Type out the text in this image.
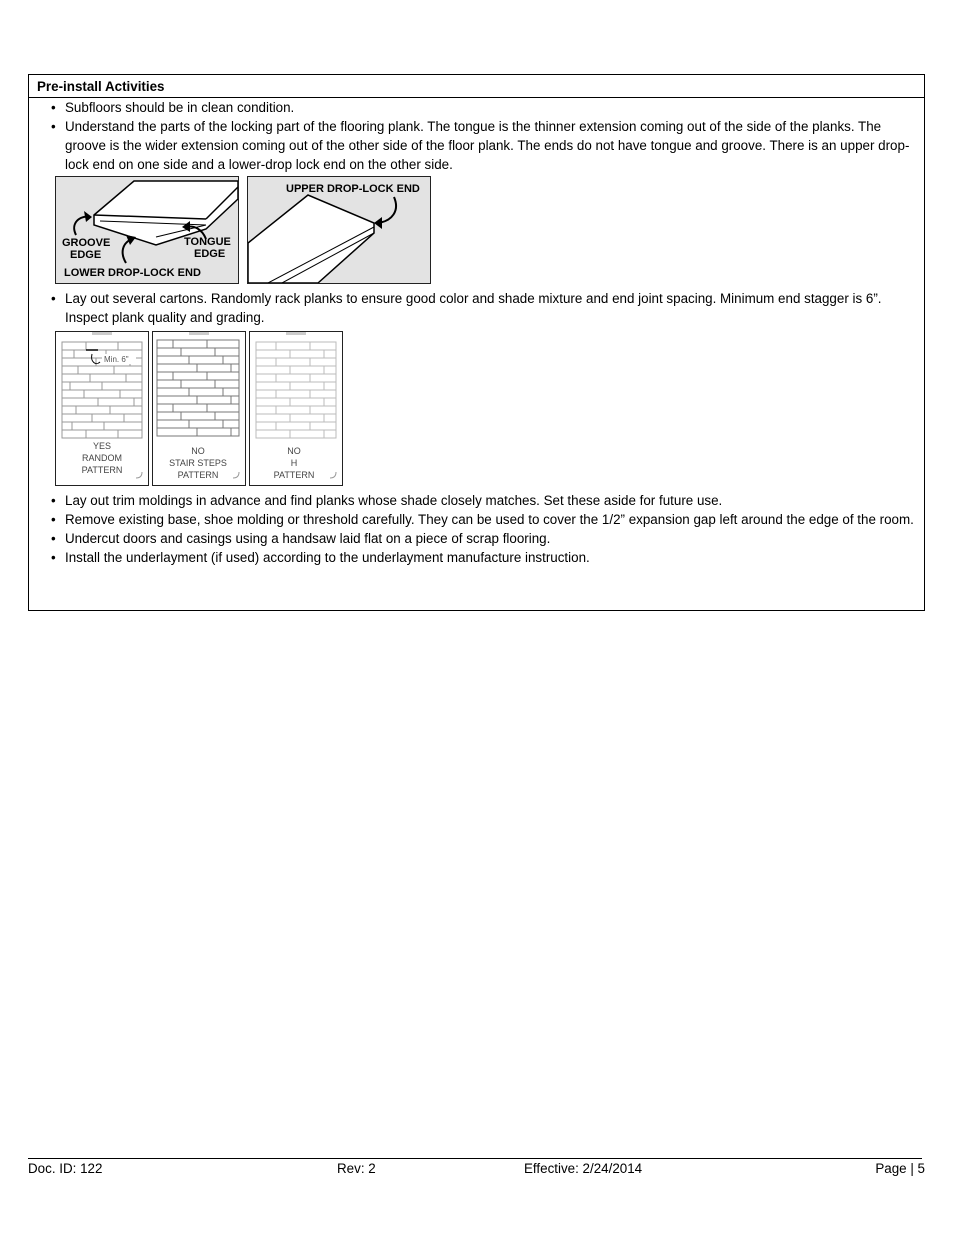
Pre-install Activities
• Subfloors should be in clean condition.
• Understand the parts of the locking part of the flooring plank. The tongue is the thinner extension coming out of the side of the planks. The groove is the wider extension coming out of the other side of the floor plank. The ends do not have tongue and groove. There is an upper drop-lock end on one side and a lower-drop lock end on the other side.
GROOVE
EDGE
TONGUE
EDGE
LOWER DROP-LOCK END
UPPER DROP-LOCK END
• Lay out several cartons. Randomly rack planks to ensure good color and shade mixture and end joint spacing. Minimum end stagger is 6”. Inspect plank quality and grading.
Min. 6"
YES
RANDOM
PATTERN
NO
STAIR STEPS
PATTERN
NO
H
PATTERN
• Lay out trim moldings in advance and find planks whose shade closely matches. Set these aside for future use.
• Remove existing base, shoe molding or threshold carefully. They can be used to cover the 1/2” expansion gap left around the edge of the room.
• Undercut doors and casings using a handsaw laid flat on a piece of scrap flooring.
• Install the underlayment (if used) according to the underlayment manufacture instruction.
Doc. ID: 122	Rev: 2	Effective: 2/24/2014	Page | 5
